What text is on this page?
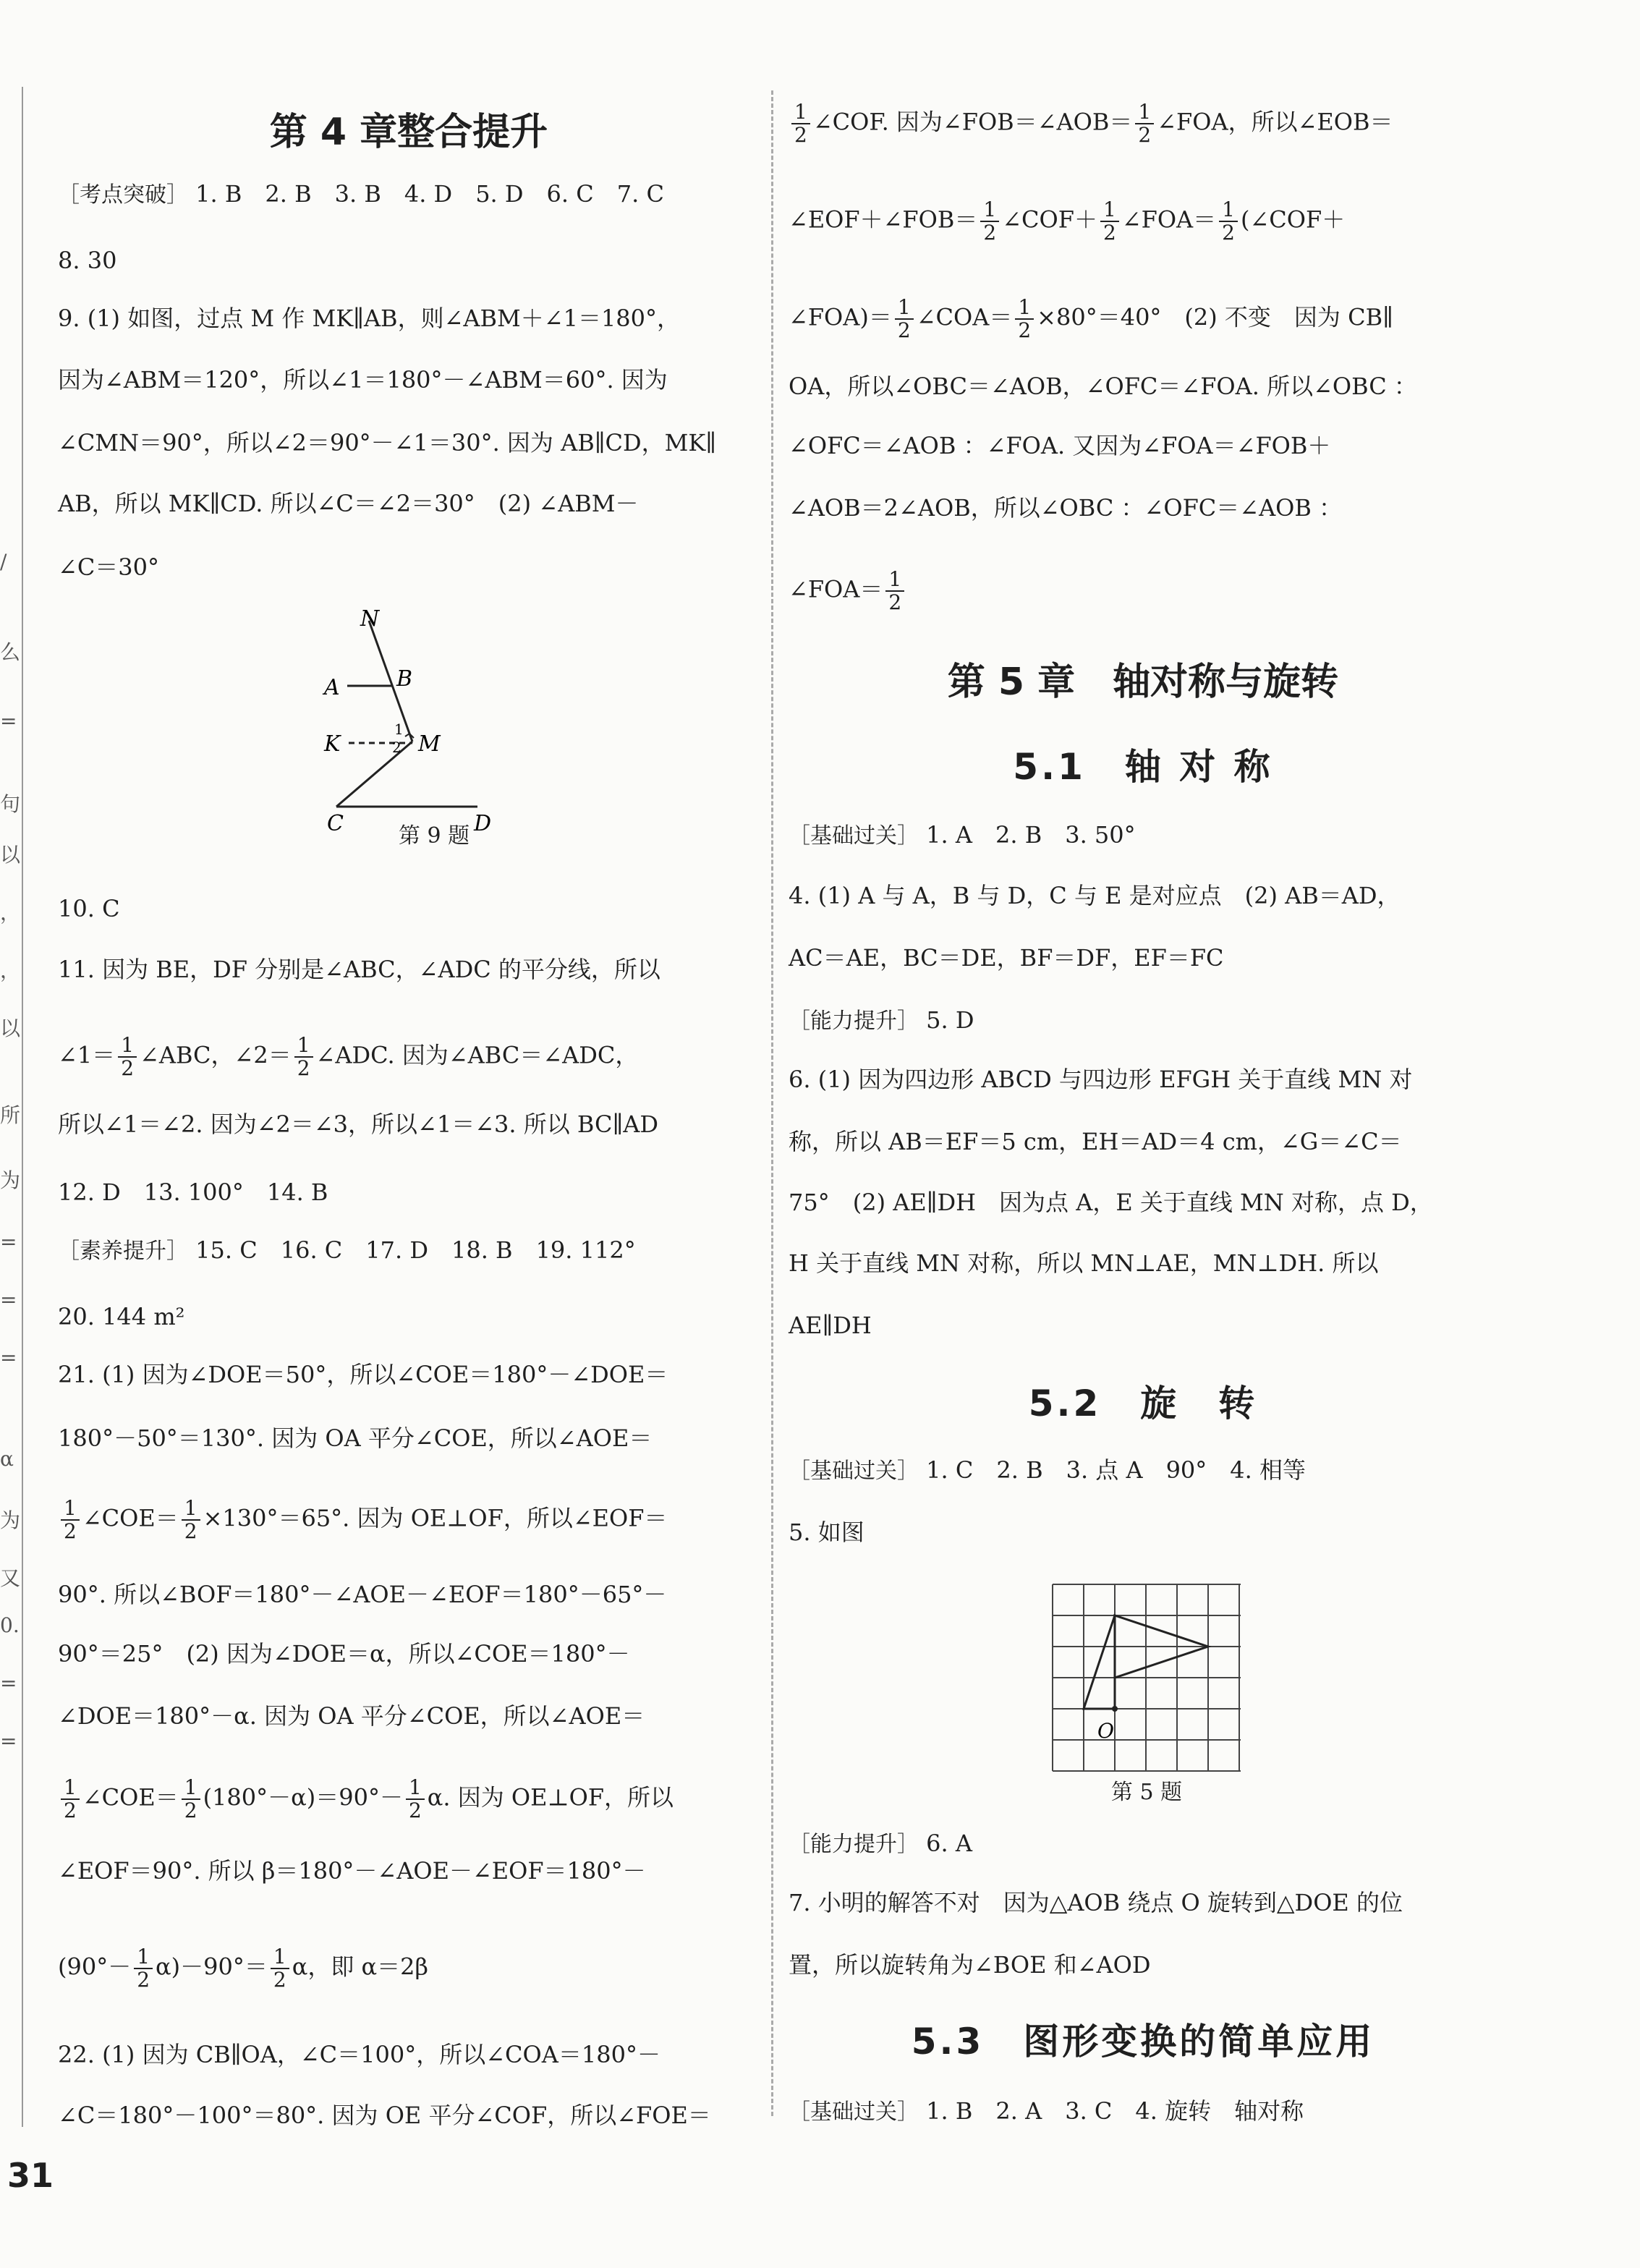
/
么
=
句
以
，
，
以
所
为
=
=
=
α
为
又
0.
=
=
第 4 章整合提升
［考点突破］ 1. B　2. B　3. B　4. D　5. D　6. C　7. C
8. 30
9. (1) 如图，过点 M 作 MK∥AB，则∠ABM＋∠1＝180°，
因为∠ABM＝120°，所以∠1＝180°－∠ABM＝60°. 因为
∠CMN＝90°，所以∠2＝90°－∠1＝30°. 因为 AB∥CD，MK∥
AB，所以 MK∥CD. 所以∠C＝∠2＝30°　(2) ∠ABM－
∠C＝30°
N
A	B
K	M
1
2
C	D
第 9 题
10. C
11. 因为 BE，DF 分别是∠ABC，∠ADC 的平分线，所以
∠1＝ $\frac{1}{2}$ ∠ABC，∠2＝ $\frac{1}{2}$ ∠ADC. 因为∠ABC＝∠ADC，
所以∠1＝∠2. 因为∠2＝∠3，所以∠1＝∠3. 所以 BC∥AD
12. D　13. 100°　14. B
［素养提升］ 15. C　16. C　17. D　18. B　19. 112°
20. 144 m²
21. (1) 因为∠DOE＝50°，所以∠COE＝180°－∠DOE＝
180°－50°＝130°. 因为 OA 平分∠COE，所以∠AOE＝
$\frac{1}{2}$ ∠COE＝ $\frac{1}{2} \times 130^\circ=65^\circ$. 因为 OE⊥OF，所以∠EOF＝
90°. 所以∠BOF＝180°－∠AOE－∠EOF＝180°－65°－
90°＝25°　(2) 因为∠DOE＝α，所以∠COE＝180°－
∠DOE＝180°－α. 因为 OA 平分∠COE，所以∠AOE＝
$\frac{1}{2}$ ∠COE＝ $\frac{1}{2} (180^\circ-\alpha)=90^\circ- \frac{1}{2} \alpha$. 因为 OE⊥OF，所以
∠EOF＝90°. 所以 β＝180°－∠AOE－∠EOF＝180°－
$(90^\circ- \frac{1}{2} \alpha)-90^\circ= \frac{1}{2}$ α，即 α＝2β
22. (1) 因为 CB∥OA，∠C＝100°，所以∠COA＝180°－
∠C＝180°－100°＝80°. 因为 OE 平分∠COF，所以∠FOE＝
$\frac{1}{2}$ ∠COF. 因为∠FOB＝∠AOB＝ $\frac{1}{2}$ ∠FOA，所以∠EOB＝
∠EOF＋∠FOB＝ $\frac{1}{2}$ ∠COF＋ $\frac{1}{2}$ ∠FOA＝ $\frac{1}{2}$ (∠COF＋
∠FOA)＝ $\frac{1}{2}$ ∠COA＝ $\frac{1}{2} \times 80^\circ=40^\circ$　(2) 不变　因为 CB∥
OA，所以∠OBC＝∠AOB，∠OFC＝∠FOA. 所以∠OBC ：
∠OFC＝∠AOB ：∠FOA. 又因为∠FOA＝∠FOB＋
∠AOB＝2∠AOB，所以∠OBC ：∠OFC＝∠AOB ：
∠FOA＝ $\frac{1}{2}$
第 5 章　轴对称与旋转
5.1　轴 对 称
［基础过关］ 1. A　2. B　3. 50°
4. (1) A 与 A，B 与 D，C 与 E 是对应点　(2) AB＝AD，
AC＝AE，BC＝DE，BF＝DF，EF＝FC
［能力提升］ 5. D
6. (1) 因为四边形 ABCD 与四边形 EFGH 关于直线 MN 对
称，所以 AB＝EF＝5 cm，EH＝AD＝4 cm，∠G＝∠C＝
75°　(2) AE∥DH　因为点 A，E 关于直线 MN 对称，点 D，
H 关于直线 MN 对称，所以 MN⊥AE，MN⊥DH. 所以
AE∥DH
5.2　旋　转
［基础过关］ 1. C　2. B　3. 点 A　90°　4. 相等
5. 如图
O
第 5 题
［能力提升］ 6. A
7. 小明的解答不对　因为△AOB 绕点 O 旋转到△DOE 的位
置，所以旋转角为∠BOE 和∠AOD
5.3　图形变换的简单应用
［基础过关］ 1. B　2. A　3. C　4. 旋转　轴对称
31
